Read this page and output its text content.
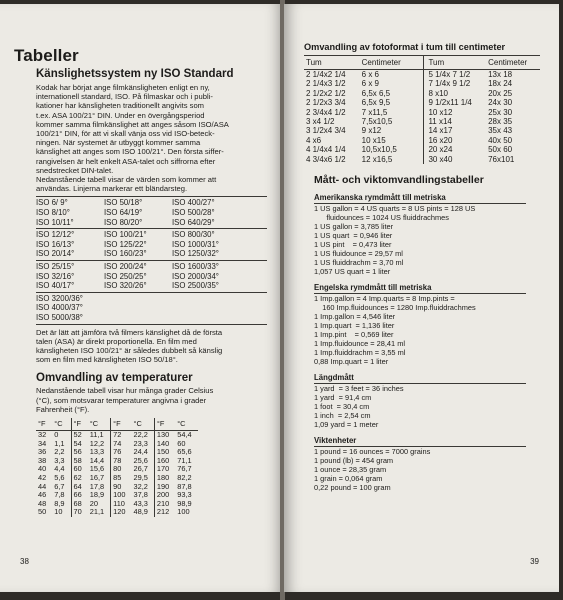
Tabeller
Känslighetssystem ny ISO Standard
Kodak har börjat ange filmkänsligheten enligt en ny,
internationell standard, ISO. På filmaskar och i publi-
kationer har känsligheten traditionellt angivits som
t.ex. ASA 100/21° DIN. Under en övergångsperiod
kommer samma filmkänslighet att anges såsom ISO/ASA
100/21° DIN, för att vi skall vänja oss vid ISO-beteck-
ningen. När systemet är utbyggt kommer samma
känslighet att anges som ISO 100/21°. Den första siffer-
rangivelsen är helt enkelt ASA-talet och siffrorna efter
snedstrecket DIN-talet.
Nedanstående tabell visar de värden som kommer att
användas. Linjerna markerar ett bländarsteg.
ISO 6/ 9°	ISO 50/18°	ISO 400/27°
ISO 8/10°	ISO 64/19°	ISO 500/28°
ISO 10/11°	ISO 80/20°	ISO 640/29°
ISO 12/12°	ISO 100/21°	ISO 800/30°
ISO 16/13°	ISO 125/22°	ISO 1000/31°
ISO 20/14°	ISO 160/23°	ISO 1250/32°
ISO 25/15°	ISO 200/24°	ISO 1600/33°
ISO 32/16°	ISO 250/25°	ISO 2000/34°
ISO 40/17°	ISO 320/26°	ISO 2500/35°
ISO 3200/36°
ISO 4000/37°
ISO 5000/38°
Det är lätt att jämföra två filmers känslighet då de första
talen (ASA) är direkt proportionella. En film med
känsligheten ISO 100/21° är således dubbelt så känslig
som en film med känsligheten ISO 50/18°.
Omvandling av temperaturer
Nedanstående tabell visar hur många grader Celsius
(°C), som motsvarar temperaturer angivna i grader
Fahrenheit (°F).
°F	°C	°F	°C	°F	°C	°F	°C
32	0	52	11,1	72	22,2	130	54,4
34	1,1	54	12,2	74	23,3	140	60
36	2,2	56	13,3	76	24,4	150	65,6
38	3,3	58	14,4	78	25,6	160	71,1
40	4,4	60	15,6	80	26,7	170	76,7
42	5,6	62	16,7	85	29,5	180	82,2
44	6,7	64	17,8	90	32,2	190	87,8
46	7,8	66	18,9	100	37,8	200	93,3
48	8,9	68	20	110	43,3	210	98,9
50	10	70	21,1	120	48,9	212	100
38
Omvandling av fotoformat i tum till centimeter
Tum	Centimeter	Tum	Centimeter
2 1/4x2 1/4	6 x 6	5 1/4x 7 1/2	13x 18
2 1/4x3 1/2	6 x 9	7 1/4x 9 1/2	18x 24
2 1/2x2 1/2	6,5x 6,5	8 x10	20x 25
2 1/2x3 3/4	6,5x 9,5	9 1/2x11 1/4	24x 30
2 3/4x4 1/2	7 x11,5	10 x12	25x 30
3 x4 1/2	7,5x10,5	11 x14	28x 35
3 1/2x4 3/4	9 x12	14 x17	35x 43
4 x6	10 x15	16 x20	40x 50
4 1/4x4 1/4	10,5x10,5	20 x24	50x 60
4 3/4x6 1/2	12 x16,5	30 x40	76x101
Mått- och viktomvandlingstabeller
Amerikanska rymdmått till metriska
1 US gallon = 4 US quarts = 8 US pints = 128 US
fluidounces = 1024 US fluiddrachmes
1 US gallon = 3,785 liter
1 US quart  = 0,946 liter
1 US pint    = 0,473 liter
1 US fluidounce = 29,57 ml
1 US fluiddrachm = 3,70 ml
1,057 US quart = 1 liter
Engelska rymdmått till metriska
1 Imp.gallon = 4 Imp.quarts = 8 Imp.pints =
160 Imp.fluidounces = 1280 Imp.fluiddrachmes
1 Imp.gallon = 4,546 liter
1 Imp.quart  = 1,136 liter
1 Imp.pint    = 0,569 liter
1 Imp.fluidounce = 28,41 ml
1 Imp.fluiddrachm = 3,55 ml
0,88 Imp.quart = 1 liter
Längdmått
1 yard  = 3 feet = 36 inches
1 yard  = 91,4 cm
1 foot  = 30,4 cm
1 inch  = 2,54 cm
1,09 yard = 1 meter
Viktenheter
1 pound = 16 ounces = 7000 grains
1 pound (lb) = 454 gram
1 ounce = 28,35 gram
1 grain = 0,064 gram
0,22 pound = 100 gram
39
